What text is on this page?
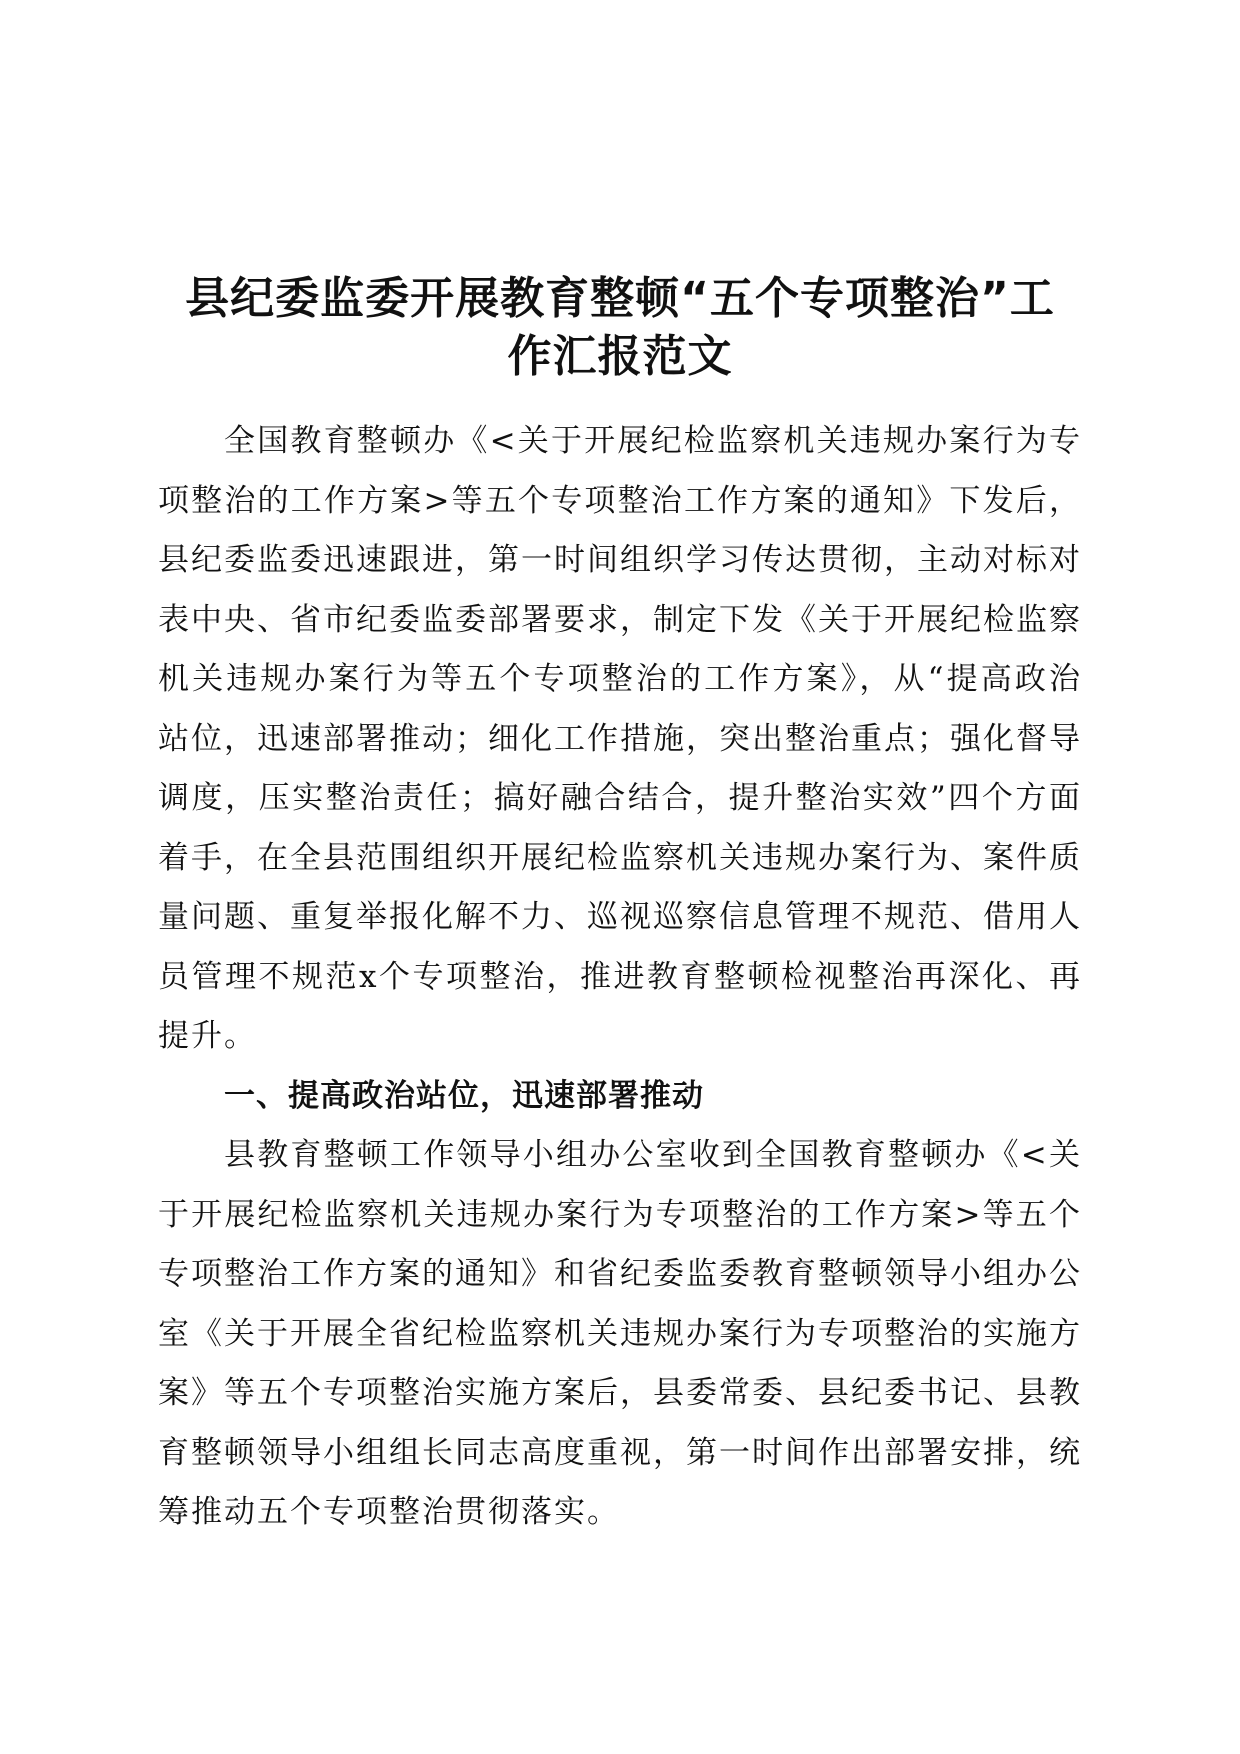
县纪委监委开展教育整顿“五个专项整治”工
作汇报范文

全国教育整顿办《<关于开展纪检监察机关违规办案行为专项整治的工作方案>等五个专项整治工作方案的通知》下发后，县纪委监委迅速跟进，第一时间组织学习传达贯彻，主动对标对表中央、省市纪委监委部署要求，制定下发《关于开展纪检监察机关违规办案行为等五个专项整治的工作方案》，从“提高政治站位，迅速部署推动；细化工作措施，突出整治重点；强化督导调度，压实整治责任；搞好融合结合，提升整治实效”四个方面着手，在全县范围组织开展纪检监察机关违规办案行为、案件质量问题、重复举报化解不力、巡视巡察信息管理不规范、借用人员管理不规范x个专项整治，推进教育整顿检视整治再深化、再提升。

一、提高政治站位，迅速部署推动

县教育整顿工作领导小组办公室收到全国教育整顿办《<关于开展纪检监察机关违规办案行为专项整治的工作方案>等五个专项整治工作方案的通知》和省纪委监委教育整顿领导小组办公室《关于开展全省纪检监察机关违规办案行为专项整治的实施方案》等五个专项整治实施方案后，县委常委、县纪委书记、县教育整顿领导小组组长同志高度重视，第一时间作出部署安排，统筹推动五个专项整治贯彻落实。
